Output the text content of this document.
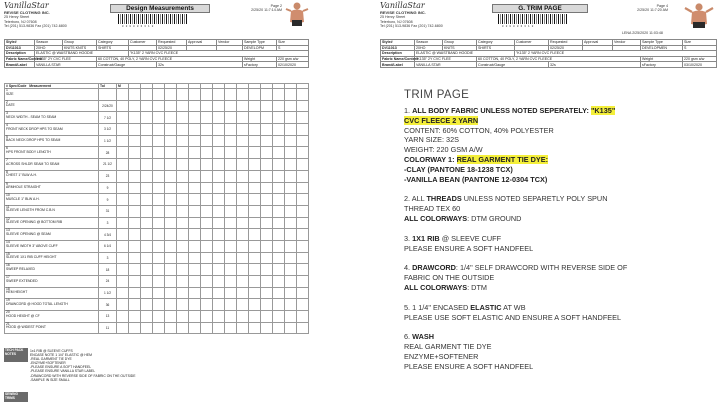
VanillaStar
REVISE CLOTHING INC.
25 Henry Street
Teterboro, NJ 07608
Tel (201) 513-9836 Fax (201) 742-6800
Design Measurements
0 0 0 0 0 6 3 1 0
Page 2
2/25/20 11:7:14 AM
Style#	Season	Group	Category	Customer	Requested	Approval	Vendor	Sample Type	Size
DV11013	20HO	KNITS KNITS	SHIRTS		02/25/20			DEVELOPM	S
Description	ELASTIC @ WAISTBAND HOODIE			"K135" 2 YARN CVC FLEECE					
Fabric Name/Content	"K135" 2Y CVC FLEE		60 COTTON, 40 POLY, 2 YARN CVC FLEECE					Weight	220 gsm a/w
Brand/Label	VANILLA STAR		Construct/Gauge		32s			sFactory	02/10/2020
# Spec/Code Measurement	Tol	M															

1
SIZE																	

2
DATE	2/24/20																

3
NECK WIDTH - SEAM TO SEAM	7 1/2																

4
FRONT NECK DROP HPS TO SEAM	3 1/2																

5
BACK NECK DROP HPS TO SEAM	1 1/2																

6
HPS FRONT BODY LENGTH	28																

7
ACROSS SHLDR SEAM TO SEAM	21 1/2																

8
CHEST 1" BLW A.H.	23																

9
ARMHOLE STRAIGHT	9																

10
MUSCLE 1" BLW A.H.	9																

11
SLEEVE LENGTH FROM C.B.N	31																

12
SLEEVE OPENING @ BOTTOM RIB	3																

13
SLEEVE OPENING @ SEAM	4 3/4																

14
SLEEVE WIDTH 3" ABOVE CUFF	6 1/4																

15
SLEEVE 1X1 RIB CUFF HEIGHT	3																

16
SWEEP RELAXED	18																

17
SWEEP EXTENDED	24																

18
HEM HEIGHT	1 1/2																

19
DRAWCORD @ HOOD TOTAL LENGTH	36																

20
HOOD HEIGHT @ CF	13																

21
HOOD @ WIDEST POINT	11																
TECH PACK NOTES
1x1 RIB @ SLEEVE CUFFS
ENCASE NOTE 1 1/4" ELASTIC @ HEM
-REAL GARMENT TIE DYE
-ENZYME+SOFTENER
-PLEASE ENSURE A SOFT HANDFEEL
-PLEASE ENSURE VANILLA STAR LABEL
-DRAWCORD WITH REVERSE SIDE OF FABRIC ON THE OUTSIDE
-SAMPLE IN SIZE SMALL
SEWING TRIMS
VanillaStar
REVISE CLOTHING INC.
25 Henry Street
Teterboro, NJ 07608
Tel (201) 513-9836 Fax (201) 742-6800
G. TRIM PAGE
0 0 0 0 0 6 3 1 0
Page 4
2/25/20 11:7:20 AM
LENA 2/25/2020 11:03:48
Style#	Season	Group	Category	Customer	Requested	Approval	Vendor	Sample Type	Size
DV11013	20HO	KNITS	SHIRTS		02/25/20			DEVELOPMEN	S
Description	ELASTIC @ WAISTBAND HOODIE			"K135" 2 YARN CVC FLEECE					
Fabric Name/Content	"K135" 2Y CVC FLEE		60 COTTON, 40 POLY, 2 YARN CVC FLEECE					Weight	220 gsm a/w
Brand/Label	VANILLA STAR		Construct/Gauge		32s			sFactory	03/10/2020
TRIM PAGE
1. ALL BODY FABRIC UNLESS NOTED SEPERATELY: "K135"
CVC FLEECE 2 YARN
CONTENT: 60% COTTON, 40% POLYESTER
YARN SIZE: 32S
WEIGHT: 220 GSM A/W
COLORWAY 1: REAL GARMENT TIE DYE:
-CLAY (PANTONE 18-1238 TCX)
-VANILLA BEAN (PANTONE 12-0304 TCX)
2. ALL THREADS UNLESS NOTED SEPARETLY POLY SPUN
THREAD TEX 60
ALL COLORWAYS: DTM GROUND
3. 1X1 RIB @ SLEEVE CUFF
PLEASE ENSURE A SOFT HANDFEEL
4. DRAWCORD: 1/4" SELF DRAWCORD WITH REVERSE SIDE OF
FABRIC ON THE OUTSIDE
ALL COLORWAYS: DTM
5. 1 1/4" ENCASED ELASTIC AT WB
PLEASE USE SOFT ELASTIC AND ENSURE A SOFT HANDFEEL
6. WASH
REAL GARMENT TIE DYE
ENZYME+SOFTENER
PLEASE ENSURE A SOFT HANDFEEL
